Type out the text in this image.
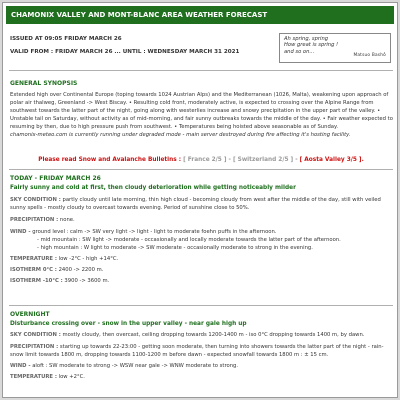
CHAMONIX VALLEY AND MONT-BLANC AREA WEATHER FORECAST
ISSUED AT 09:05 FRIDAY MARCH 26
VALID FROM : FRIDAY MARCH 26 ... UNTIL : WEDNESDAY MARCH 31 2021
Ah spring, spring
How great is spring !
and so on...
Matsuo Bashô
GENERAL SYNOPSIS

Extended high over Continental Europe (toping towards 1024 Austrian Alps) and the Mediterranean (1026, Malta), weakening upon approach of polar air thalweg, Greenland -> West Biscay. • Resulting cold front, moderately active, is expected to crossing over the Alpine Range from southwest towards the latter part of the night, going along with westerlies increase and snowy precipitation in the upper part of the valley. • Unstable tail on Saturday, without activity as of mid-morning, and fair sunny outbreaks towards the middle of the day. • Fair weather expected to resuming by then, due to high pressure push from southwest. • Temperatures being hoisted above seasonable as of Sunday.

chamonix-meteo.com is currently running under degraded mode - main server destroyed during fire affecting it's hosting facility.

Please read Snow and Avalanche Bulletins : [ France 2/5 ] - [ Switzerland 2/5 ] - [ Aosta Valley 3/5 ].
TODAY - FRIDAY MARCH 26
Fairly sunny and cold at first, then cloudy deterioration while getting noticeably milder

SKY CONDITION : partly cloudy until late morning, thin high cloud - becoming cloudy from west after the middle of the day, still with veiled sunny spells - mostly cloudy to overcast towards evening. Period of sunshine close to 50%.

PRECIPITATION : none.

WIND - ground level : calm -> SW very light -> light - light to moderate foehn puffs in the afternoon.

- mid mountain : SW light -> moderate - occasionally and locally moderate towards the latter part of the afternoon.

- high mountain : W light to moderate -> SW moderate - occasionally moderate to strong in the evening.

TEMPERATURE : low -2°C - high +14°C.

ISOTHERM 0°C : 2400 -> 2200 m.

ISOTHERM -10°C : 3900 -> 3600 m.

OVERNIGHT
Disturbance crossing over - snow in the upper valley - near gale high up

SKY CONDITION : mostly cloudy, then overcast, ceiling dropping towards 1200-1400 m - iso 0°C dropping towards 1400 m, by dawn.

PRECIPITATION : starting up towards 22-23:00 - getting soon moderate, then turning into showers towards the latter part of the night - rain-snow limit towards 1800 m, dropping towards 1100-1200 m before dawn - expected snowfall towards 1800 m : ± 15 cm.

WIND - aloft : SW moderate to strong -> WSW near gale -> WNW moderate to strong.

TEMPERATURE : low +2°C.
